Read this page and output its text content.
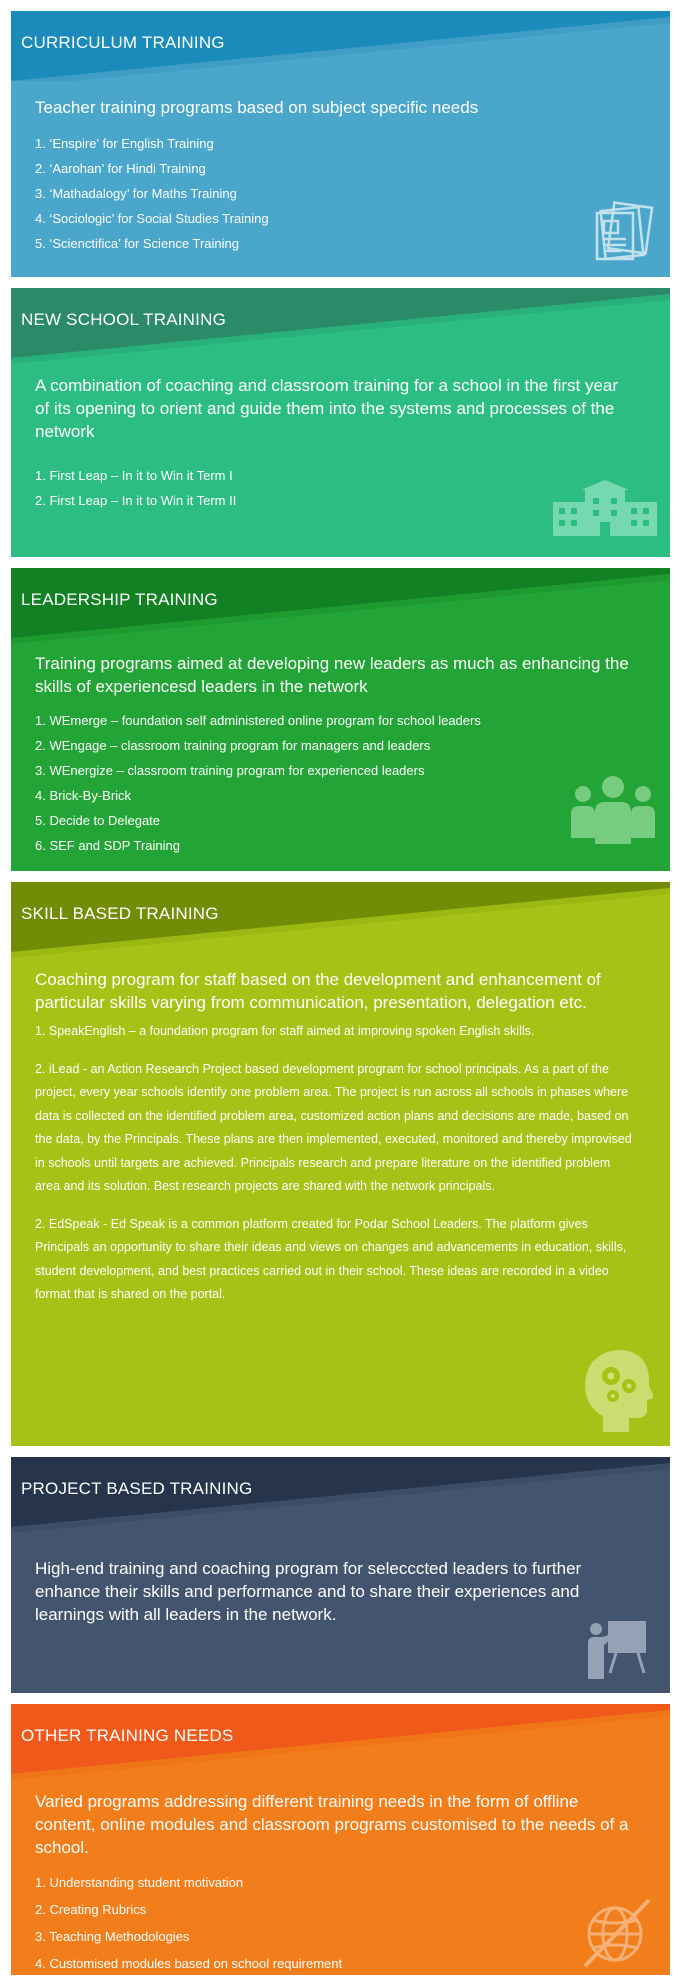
CURRICULUM TRAINING

Teacher training programs based on subject specific needs

1. ‘Enspire’ for English Training
2. ‘Aarohan’ for Hindi Training
3. ‘Mathadalogy’ for Maths Training
4. ‘Sociologic’ for Social Studies Training
5. ‘Scienctifica’ for Science Training
NEW SCHOOL TRAINING

A combination of coaching and classroom training for a school in the first year of its opening to orient and guide them into the systems and processes of the network

1. First Leap – In it to Win it Term I
2. First Leap – In it to Win it Term II
LEADERSHIP TRAINING

Training programs aimed at developing new leaders as much as enhancing the skills of experiencesd leaders in the network

1. WEmerge – foundation self administered online program for school leaders
2. WEngage – classroom training program for managers and leaders
3. WEnergize – classroom training program for experienced leaders
4. Brick-By-Brick
5. Decide to Delegate
6. SEF and SDP Training
SKILL BASED TRAINING

Coaching program for staff based on the development and enhancement of particular skills varying from communication, presentation, delegation etc.

1. SpeakEnglish – a foundation program for staff aimed at improving spoken English skills.

2. iLead - an Action Research Project based development program for school principals. As a part of the project, every year schools identify one problem area. The project is run across all schools in phases where data is collected on the identified problem area, customized action plans and decisions are made, based on the data, by the Principals. These plans are then implemented, executed, monitored and thereby improvised in schools until targets are achieved. Principals research and prepare literature on the identified problem area and its solution. Best research projects are shared with the network principals.

2. EdSpeak - Ed Speak is a common platform created for Podar School Leaders. The platform gives Principals an opportunity to share their ideas and views on changes and advancements in education, skills, student development, and best practices carried out in their school. These ideas are recorded in a video format that is shared on the portal.

PROJECT BASED TRAINING

High-end training and coaching program for selecccted leaders to further enhance their skills and performance and to share their experiences and learnings with all leaders in the network.

OTHER TRAINING NEEDS

Varied programs addressing different training needs in the form of offline content, online modules and classroom programs customised to the needs of a school.

1. Understanding student motivation
2. Creating Rubrics
3. Teaching Methodologies
4. Customised modules based on school requirement
